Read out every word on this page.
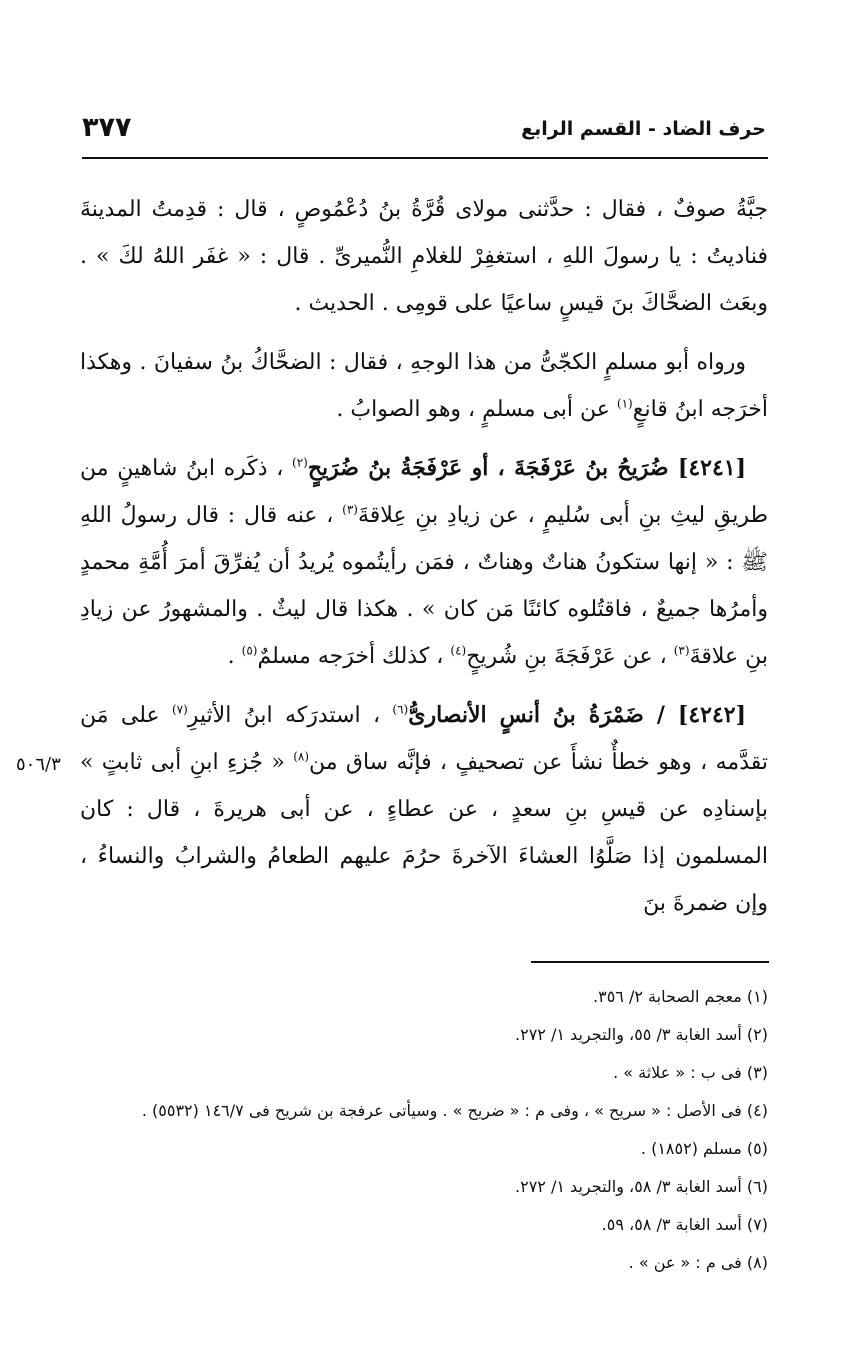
٣٧٧	حرف الضاد - القسم الرابع

جبَّةُ صوفٌ ، فقال : حدَّثنى مولاى قُرَّةُ بنُ دُعْمُوصٍ ، قال : قدِمتُ المدينةَ فناديتُ : يا رسولَ اللهِ ، استغفِرْ للغلامِ النُّميرىِّ . قال : « غفَر اللهُ لكَ » . وبعَث الضحَّاكَ بنَ قيسٍ ساعيًا على قومِى . الحديث .

ورواه أبو مسلمٍ الكجّىُّ من هذا الوجهِ ، فقال : الضحَّاكُ بنُ سفيانَ . وهكذا أخرَجه ابنُ قانعٍ$^{(١)}$ عن أبى مسلمٍ ، وهو الصوابُ .

[٤٢٤١] ضُرَيحُ بنُ عَرْفَجَةَ ، أو عَرْفَجَةُ بنُ ضُرَيحٍ$^{(٢)}$ ، ذكَره ابنُ شاهينٍ من طريقِ ليثِ بنِ أبى سُليمٍ ، عن زيادِ بنِ عِلاقةَ$^{(٣)}$ ، عنه قال : قال رسولُ اللهِ ﷺ : « إنها ستكونُ هناتٌ وهناتٌ ، فمَن رأيتُموه يُريدُ أن يُفرِّقَ أمرَ أُمَّةِ محمدٍ وأمرُها جميعٌ ، فاقتُلوه كائنًا مَن كان » . هكذا قال ليثٌ . والمشهورُ عن زيادِ بنِ علاقةَ$^{(٣)}$ ، عن عَرْفَجَةَ بنِ شُريحٍ$^{(٤)}$ ، كذلك أخرَجه مسلمٌ$^{(٥)}$ .

[٤٢٤٢] / ضَمْرَةُ بنُ أنسٍ الأنصارىُّ$^{(٦)}$ ، استدرَكه ابنُ الأثيرِ$^{(٧)}$ على مَن تقدَّمه ، وهو خطأٌ نشأَ عن تصحيفٍ ، فإنَّه ساق من$^{(٨)}$ « جُزءِ ابنِ أبى ثابتٍ » بإسنادِه عن قيسِ بنِ سعدٍ ، عن عطاءٍ ، عن أبى هريرةَ ، قال : كان المسلمون إذا صَلَّوُا العشاءَ الآخرةَ حرُمَ عليهم الطعامُ والشرابُ والنساءُ ، وإن ضمرةَ بنَ

٥٠٦/٣

(١) معجم الصحابة ٢/ ٣٥٦.

(٢) أسد الغابة ٣/ ٥٥، والتجريد ١/ ٢٧٢.

(٣) فى ب : « علاثة » .

(٤) فى الأصل : « سريح » ، وفى م : « ضريح » . وسيأتى عرفجة بن شريح فى ١٤٦/٧ (٥٥٣٢) .

(٥) مسلم (١٨٥٢) .

(٦) أسد الغابة ٣/ ٥٨، والتجريد ١/ ٢٧٢.

(٧) أسد الغابة ٣/ ٥٨، ٥٩.

(٨) فى م : « عن » .
